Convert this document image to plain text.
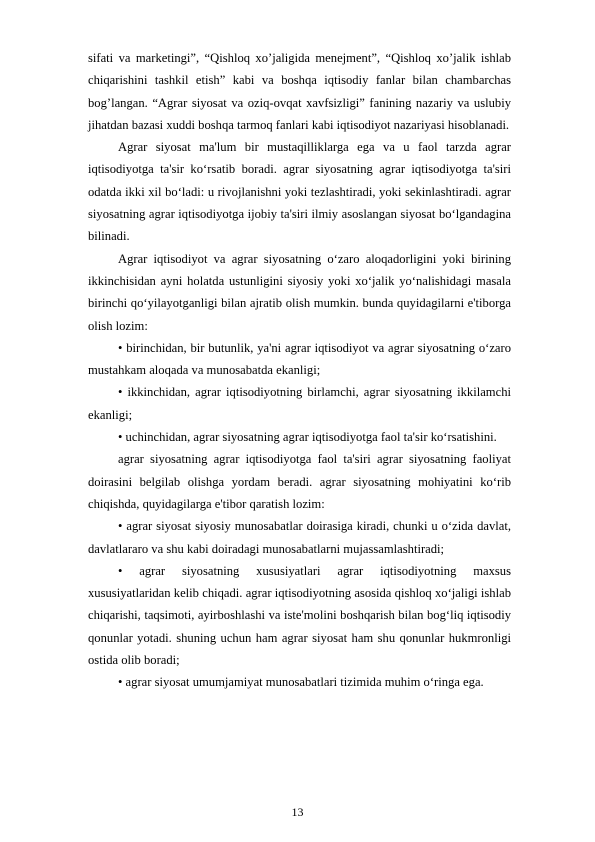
sifati va marketingi”, “Qishloq xo’jaligida menejment”, “Qishloq xo’jalik ishlab chiqarishini tashkil etish” kabi va boshqa iqtisodiy fanlar bilan chambarchas bog’langan. “Agrar siyosat va oziq-ovqat xavfsizligi” fanining nazariy va uslubiy jihatdan bazasi xuddi boshqa tarmoq fanlari kabi iqtisodiyot nazariyasi hisoblanadi.

Agrar siyosat ma'lum bir mustaqilliklarga ega va u faol tarzda agrar iqtisodiyotga ta'sir ko‘rsatib boradi. agrar siyosatning agrar iqtisodiyotga ta'siri odatda ikki xil bo‘ladi: u rivojlanishni yoki tezlashtiradi, yoki sekinlashtiradi. agrar siyosatning agrar iqtisodiyotga ijobiy ta'siri ilmiy asoslangan siyosat bo‘lgandagina bilinadi.

Agrar iqtisodiyot va agrar siyosatning o‘zaro aloqadorligini yoki birining ikkinchisidan ayni holatda ustunligini siyosiy yoki xo‘jalik yo‘nalishidagi masala birinchi qo‘yilayotganligi bilan ajratib olish mumkin. bunda quyidagilarni e'tiborga olish lozim:

• birinchidan, bir butunlik, ya'ni agrar iqtisodiyot va agrar siyosatning o‘zaro mustahkam aloqada va munosabatda ekanligi;

• ikkinchidan, agrar iqtisodiyotning birlamchi, agrar siyosatning ikkilamchi ekanligi;

• uchinchidan, agrar siyosatning agrar iqtisodiyotga faol ta'sir ko‘rsatishini.

agrar siyosatning agrar iqtisodiyotga faol ta'siri agrar siyosatning faoliyat doirasini belgilab olishga yordam beradi. agrar siyosatning mohiyatini ko‘rib chiqishda, quyidagilarga e'tibor qaratish lozim:

• agrar siyosat siyosiy munosabatlar doirasiga kiradi, chunki u o‘zida davlat, davlatlararo va shu kabi doiradagi munosabatlarni mujassamlashtiradi;

• agrar siyosatning xususiyatlari agrar iqtisodiyotning maxsus xususiyatlaridan kelib chiqadi. agrar iqtisodiyotning asosida qishloq xo‘jaligi ishlab chiqarishi, taqsimoti, ayirboshlashi va iste'molini boshqarish bilan bog‘liq iqtisodiy qonunlar yotadi. shuning uchun ham agrar siyosat ham shu qonunlar hukmronligi ostida olib boradi;

• agrar siyosat umumjamiyat munosabatlari tizimida muhim o‘ringa ega.

13
